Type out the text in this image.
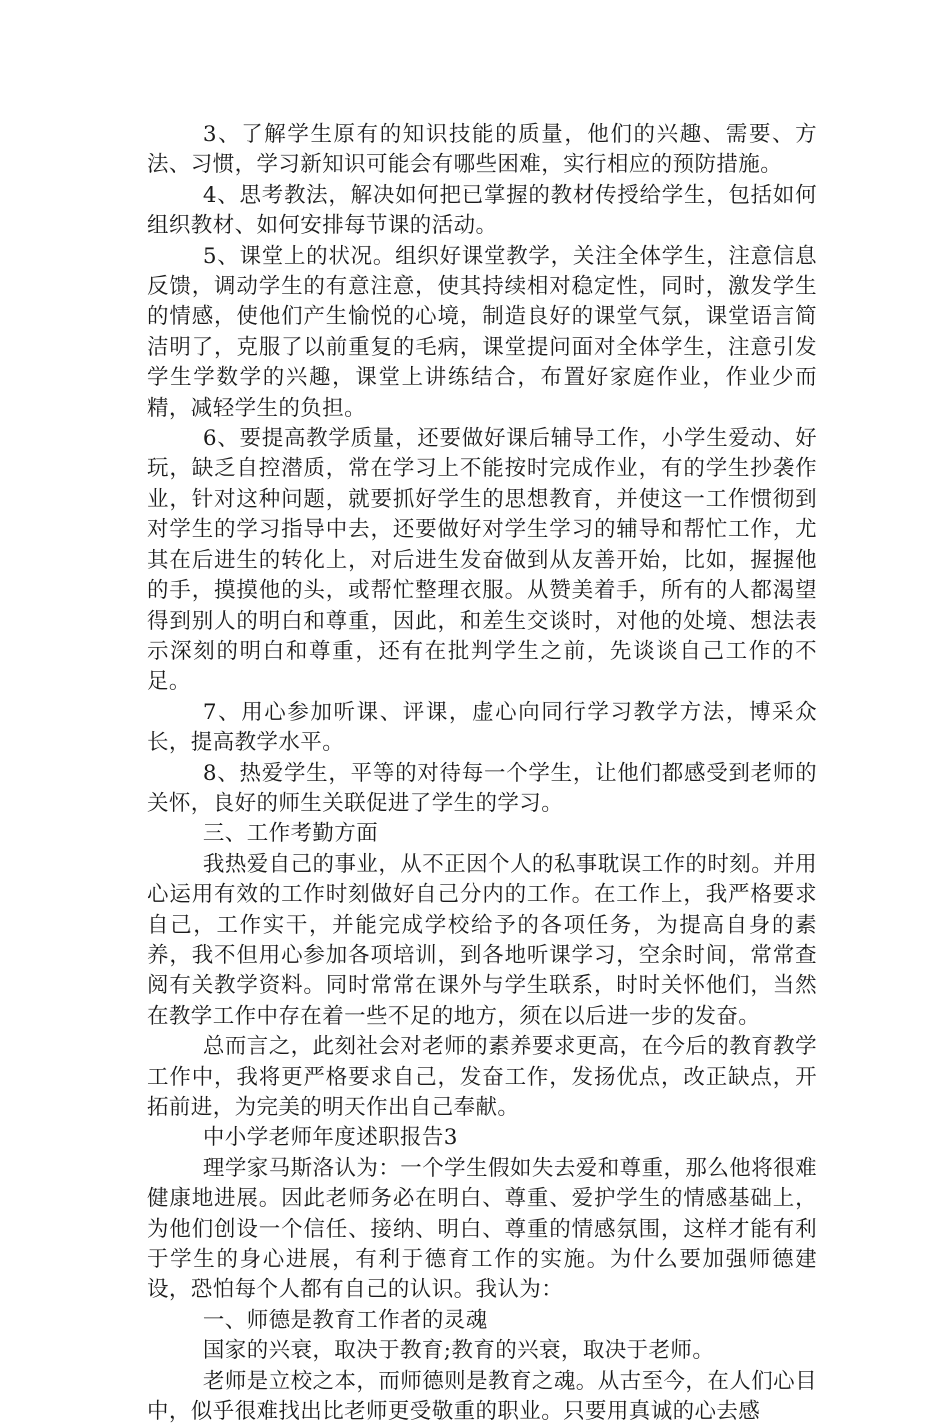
3、了解学生原有的知识技能的质量，他们的兴趣、需要、方法、习惯，学习新知识可能会有哪些困难，实行相应的预防措施。

4、思考教法，解决如何把已掌握的教材传授给学生，包括如何组织教材、如何安排每节课的活动。

5、课堂上的状况。组织好课堂教学，关注全体学生，注意信息反馈，调动学生的有意注意，使其持续相对稳定性，同时，激发学生的情感，使他们产生愉悦的心境，制造良好的课堂气氛，课堂语言简洁明了，克服了以前重复的毛病，课堂提问面对全体学生，注意引发学生学数学的兴趣，课堂上讲练结合，布置好家庭作业，作业少而精，减轻学生的负担。

6、要提高教学质量，还要做好课后辅导工作，小学生爱动、好玩，缺乏自控潜质，常在学习上不能按时完成作业，有的学生抄袭作业，针对这种问题，就要抓好学生的思想教育，并使这一工作惯彻到对学生的学习指导中去，还要做好对学生学习的辅导和帮忙工作，尤其在后进生的转化上，对后进生发奋做到从友善开始，比如，握握他的手，摸摸他的头，或帮忙整理衣服。从赞美着手，所有的人都渴望得到别人的明白和尊重，因此，和差生交谈时，对他的处境、想法表示深刻的明白和尊重，还有在批判学生之前，先谈谈自己工作的不足。

7、用心参加听课、评课，虚心向同行学习教学方法，博采众长，提高教学水平。

8、热爱学生，平等的对待每一个学生，让他们都感受到老师的关怀，良好的师生关联促进了学生的学习。

三、工作考勤方面

我热爱自己的事业，从不正因个人的私事耽误工作的时刻。并用心运用有效的工作时刻做好自己分内的工作。在工作上，我严格要求自己，工作实干，并能完成学校给予的各项任务，为提高自身的素养，我不但用心参加各项培训，到各地听课学习，空余时间，常常查阅有关教学资料。同时常常在课外与学生联系，时时关怀他们，当然在教学工作中存在着一些不足的地方，须在以后进一步的发奋。

总而言之，此刻社会对老师的素养要求更高，在今后的教育教学工作中，我将更严格要求自己，发奋工作，发扬优点，改正缺点，开拓前进，为完美的明天作出自己奉献。

中小学老师年度述职报告3

理学家马斯洛认为：一个学生假如失去爱和尊重，那么他将很难健康地进展。因此老师务必在明白、尊重、爱护学生的情感基础上，为他们创设一个信任、接纳、明白、尊重的情感氛围，这样才能有利于学生的身心进展，有利于德育工作的实施。为什么要加强师德建设，恐怕每个人都有自己的认识。我认为：

一、师德是教育工作者的灵魂

国家的兴衰，取决于教育;教育的兴衰，取决于老师。

老师是立校之本，而师德则是教育之魂。从古至今，在人们心目中，似乎很难找出比老师更受敬重的职业。只要用真诚的心去感
